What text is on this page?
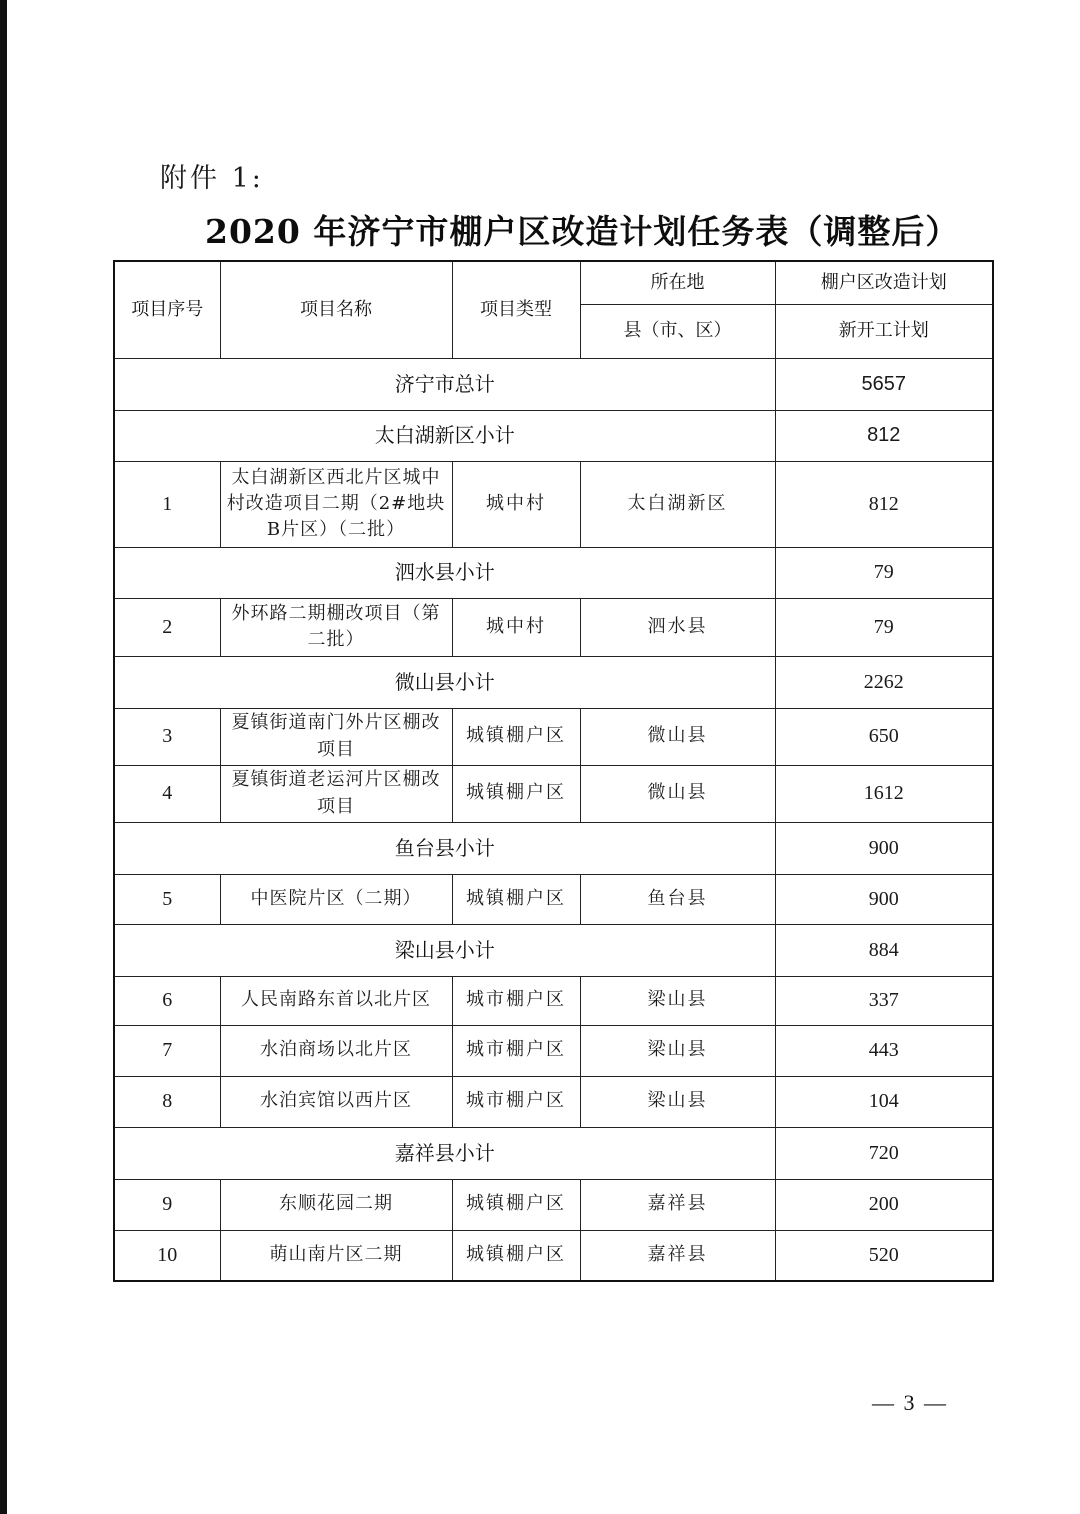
附件 1:
2020 年济宁市棚户区改造计划任务表（调整后）
项目序号	项目名称	项目类型	所在地	棚户区改造计划
			县（市、区）	新开工计划
济宁市总计				5657
太白湖新区小计				812
1	太白湖新区西北片区城中村改造项目二期（2#地块B片区）（二批）	城中村	太白湖新区	812
泗水县小计				79
2	外环路二期棚改项目（第二批）	城中村	泗水县	79
微山县小计				2262
3	夏镇街道南门外片区棚改项目	城镇棚户区	微山县	650
4	夏镇街道老运河片区棚改项目	城镇棚户区	微山县	1612
鱼台县小计				900
5	中医院片区（二期）	城镇棚户区	鱼台县	900
梁山县小计				884
6	人民南路东首以北片区	城市棚户区	梁山县	337
7	水泊商场以北片区	城市棚户区	梁山县	443
8	水泊宾馆以西片区	城市棚户区	梁山县	104
嘉祥县小计				720
9	东顺花园二期	城镇棚户区	嘉祥县	200
10	萌山南片区二期	城镇棚户区	嘉祥县	520
— 3 —
